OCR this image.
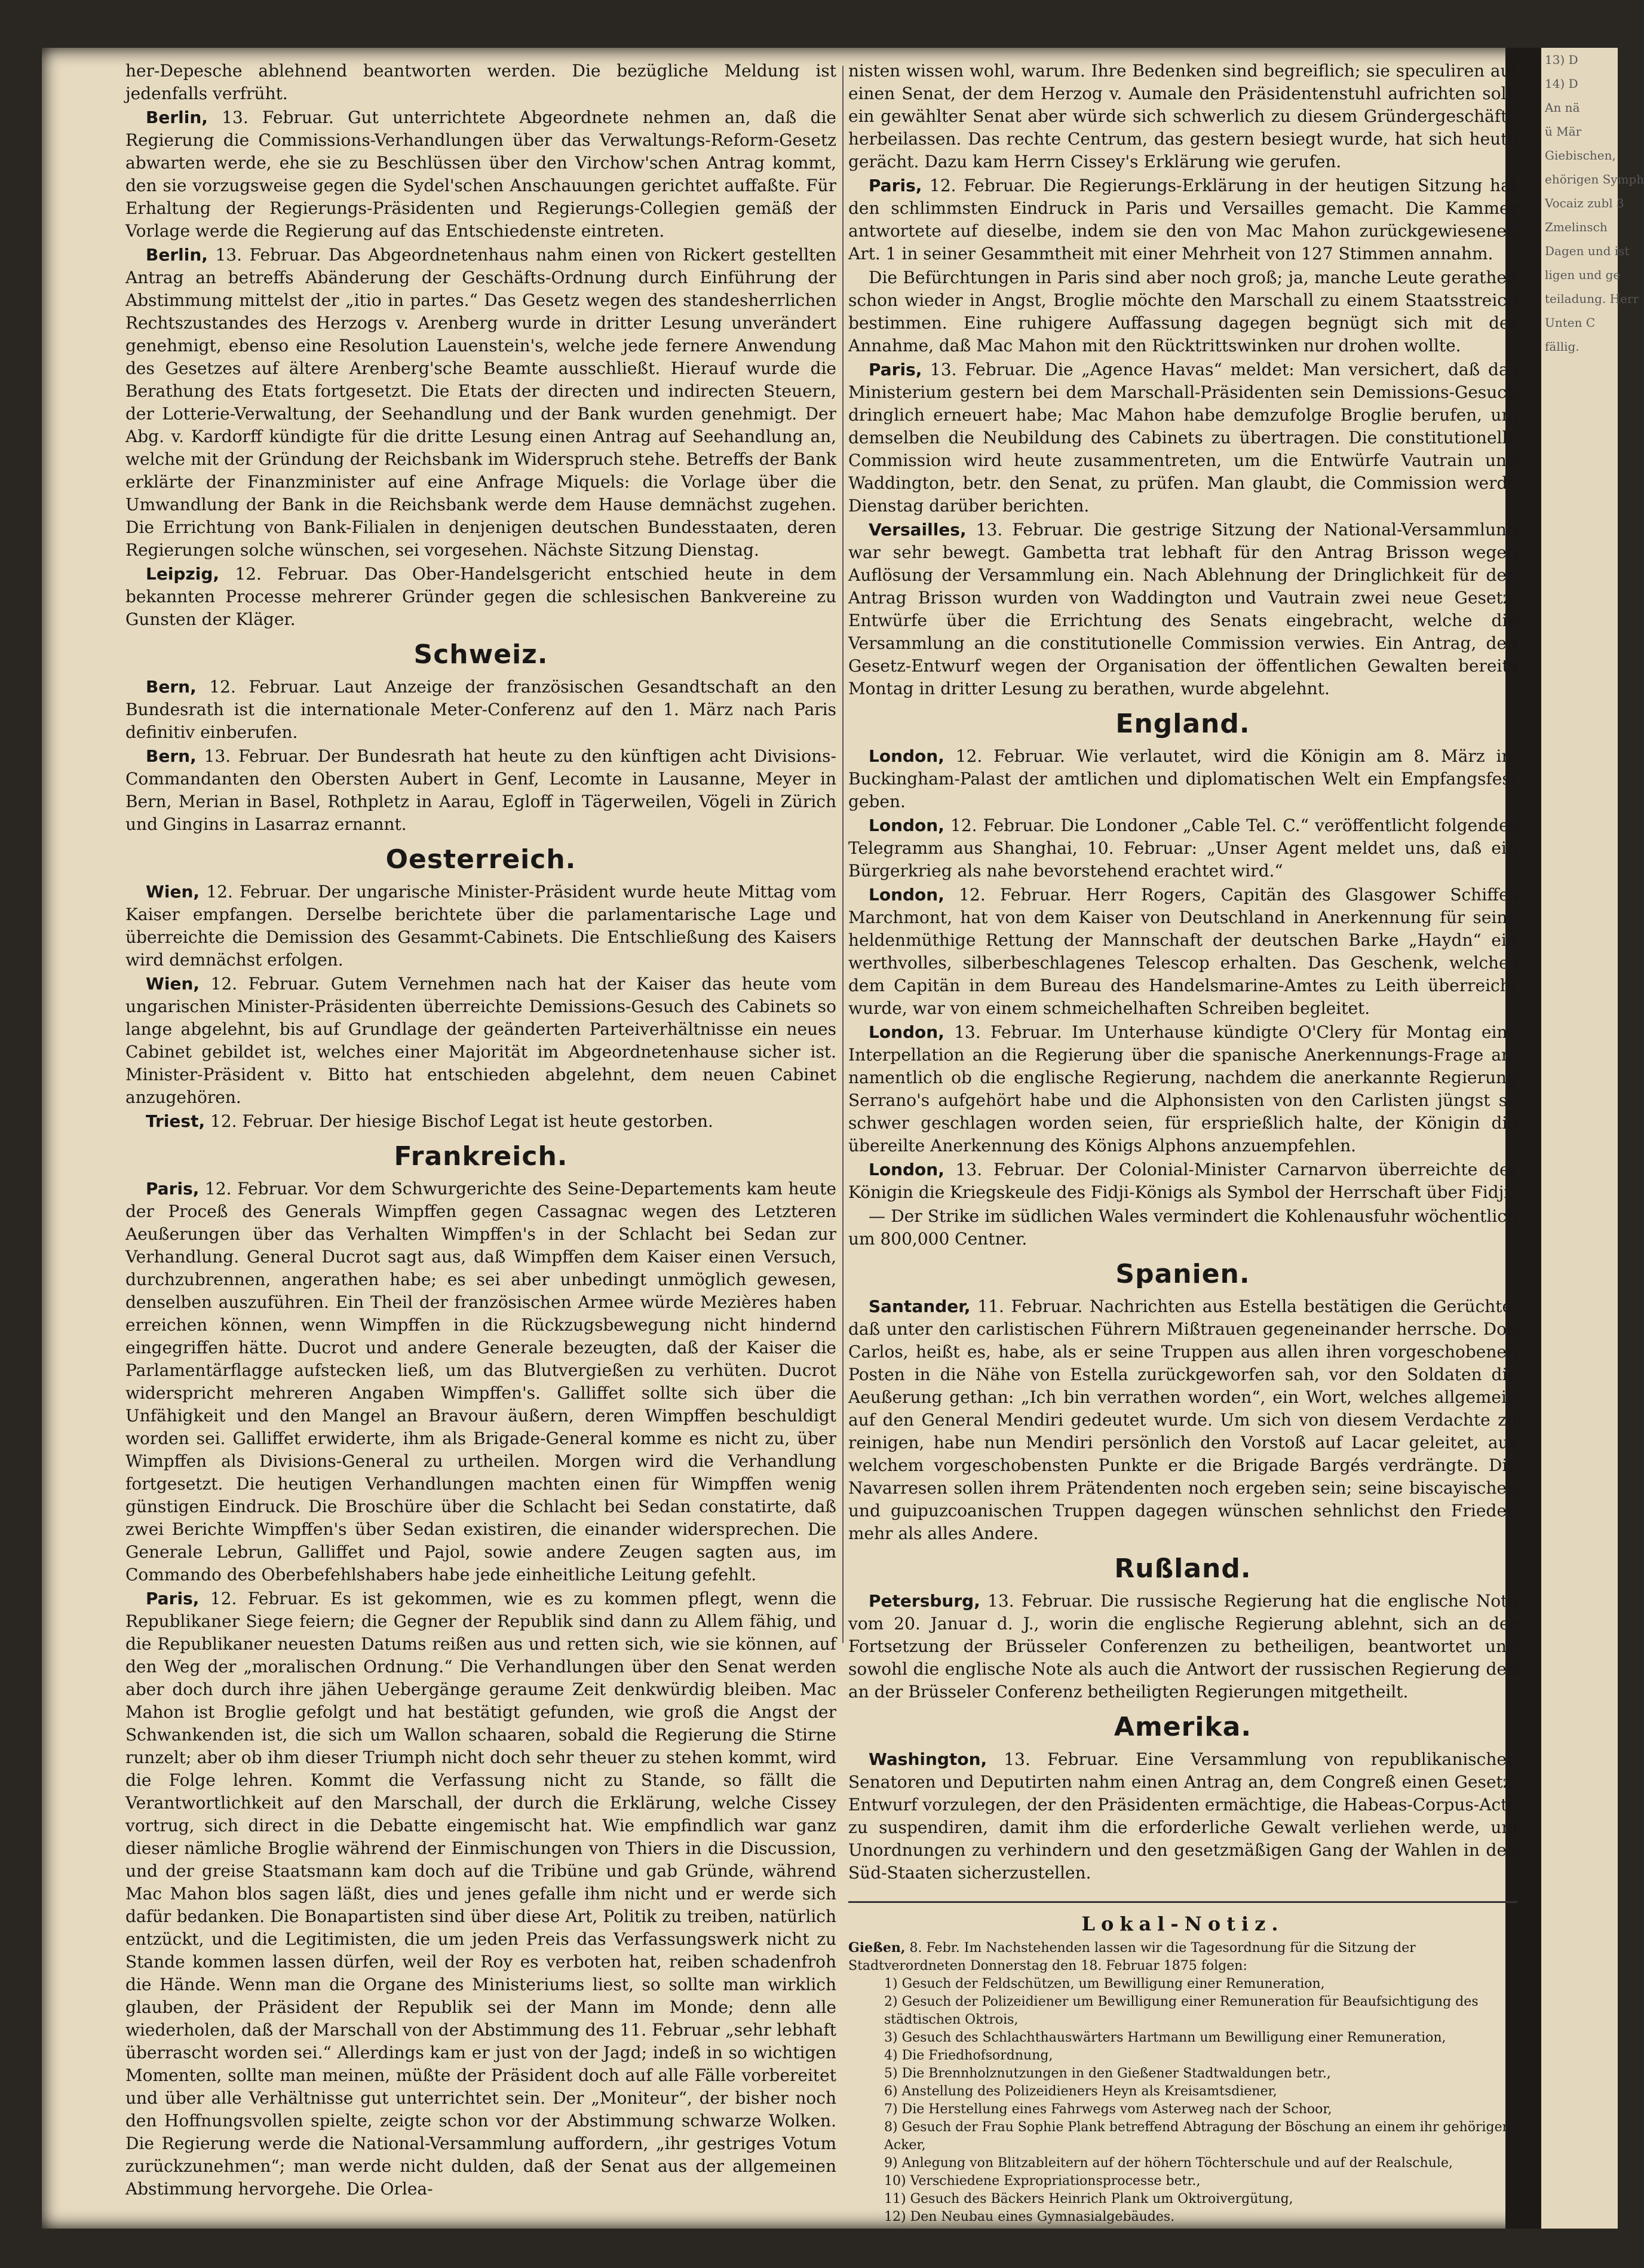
13) D
14) D
An nä
ü Mär
Giebischen,
ehörigen Symph
Vocaiz zubl 3
Zmelinsch
Dagen und ist
ligen und ge
teiladung. Herr
Unten C
fällig.

her-Depesche ablehnend beantworten werden. Die bezügliche Meldung ist jedenfalls verfrüht.

Berlin, 13. Februar. Gut unterrichtete Abgeordnete nehmen an, daß die Regierung die Commissions-Verhandlungen über das Verwaltungs-Reform-Gesetz abwarten werde, ehe sie zu Beschlüssen über den Virchow'schen Antrag kommt, den sie vorzugsweise gegen die Sydel'schen Anschauungen gerichtet auffaßte. Für Erhaltung der Regierungs-Präsidenten und Regierungs-Collegien gemäß der Vorlage werde die Regierung auf das Entschiedenste eintreten.

Berlin, 13. Februar. Das Abgeordnetenhaus nahm einen von Rickert gestellten Antrag an betreffs Abänderung der Geschäfts-Ordnung durch Einführung der Abstimmung mittelst der „itio in partes.“ Das Gesetz wegen des standesherrlichen Rechtszustandes des Herzogs v. Arenberg wurde in dritter Lesung unverändert genehmigt, ebenso eine Resolution Lauenstein's, welche jede fernere Anwendung des Gesetzes auf ältere Arenberg'sche Beamte ausschließt. Hierauf wurde die Berathung des Etats fortgesetzt. Die Etats der directen und indirecten Steuern, der Lotterie-Verwaltung, der Seehandlung und der Bank wurden genehmigt. Der Abg. v. Kardorff kündigte für die dritte Lesung einen Antrag auf Seehandlung an, welche mit der Gründung der Reichsbank im Widerspruch stehe. Betreffs der Bank erklärte der Finanzminister auf eine Anfrage Miquels: die Vorlage über die Umwandlung der Bank in die Reichsbank werde dem Hause demnächst zugehen. Die Errichtung von Bank-Filialen in denjenigen deutschen Bundesstaaten, deren Regierungen solche wünschen, sei vorgesehen. Nächste Sitzung Dienstag.

Leipzig, 12. Februar. Das Ober-Handelsgericht entschied heute in dem bekannten Processe mehrerer Gründer gegen die schlesischen Bankvereine zu Gunsten der Kläger.

Schweiz.

Bern, 12. Februar. Laut Anzeige der französischen Gesandtschaft an den Bundesrath ist die internationale Meter-Conferenz auf den 1. März nach Paris definitiv einberufen.

Bern, 13. Februar. Der Bundesrath hat heute zu den künftigen acht Divisions-Commandanten den Obersten Aubert in Genf, Lecomte in Lausanne, Meyer in Bern, Merian in Basel, Rothpletz in Aarau, Egloff in Tägerweilen, Vögeli in Zürich und Gingins in Lasarraz ernannt.

Oesterreich.

Wien, 12. Februar. Der ungarische Minister-Präsident wurde heute Mittag vom Kaiser empfangen. Derselbe berichtete über die parlamentarische Lage und überreichte die Demission des Gesammt-Cabinets. Die Entschließung des Kaisers wird demnächst erfolgen.

Wien, 12. Februar. Gutem Vernehmen nach hat der Kaiser das heute vom ungarischen Minister-Präsidenten überreichte Demissions-Gesuch des Cabinets so lange abgelehnt, bis auf Grundlage der geänderten Parteiverhältnisse ein neues Cabinet gebildet ist, welches einer Majorität im Abgeordnetenhause sicher ist. Minister-Präsident v. Bitto hat entschieden abgelehnt, dem neuen Cabinet anzugehören.

Triest, 12. Februar. Der hiesige Bischof Legat ist heute gestorben.

Frankreich.

Paris, 12. Februar. Vor dem Schwurgerichte des Seine-Departements kam heute der Proceß des Generals Wimpffen gegen Cassagnac wegen des Letzteren Aeußerungen über das Verhalten Wimpffen's in der Schlacht bei Sedan zur Verhandlung. General Ducrot sagt aus, daß Wimpffen dem Kaiser einen Versuch, durchzubrennen, angerathen habe; es sei aber unbedingt unmöglich gewesen, denselben auszuführen. Ein Theil der französischen Armee würde Mezières haben erreichen können, wenn Wimpffen in die Rückzugsbewegung nicht hindernd eingegriffen hätte. Ducrot und andere Generale bezeugten, daß der Kaiser die Parlamentärflagge aufstecken ließ, um das Blutvergießen zu verhüten. Ducrot widerspricht mehreren Angaben Wimpffen's. Galliffet sollte sich über die Unfähigkeit und den Mangel an Bravour äußern, deren Wimpffen beschuldigt worden sei. Galliffet erwiderte, ihm als Brigade-General komme es nicht zu, über Wimpffen als Divisions-General zu urtheilen. Morgen wird die Verhandlung fortgesetzt. Die heutigen Verhandlungen machten einen für Wimpffen wenig günstigen Eindruck. Die Broschüre über die Schlacht bei Sedan constatirte, daß zwei Berichte Wimpffen's über Sedan existiren, die einander widersprechen. Die Generale Lebrun, Galliffet und Pajol, sowie andere Zeugen sagten aus, im Commando des Oberbefehlshabers habe jede einheitliche Leitung gefehlt.

Paris, 12. Februar. Es ist gekommen, wie es zu kommen pflegt, wenn die Republikaner Siege feiern; die Gegner der Republik sind dann zu Allem fähig, und die Republikaner neuesten Datums reißen aus und retten sich, wie sie können, auf den Weg der „moralischen Ordnung.“ Die Verhandlungen über den Senat werden aber doch durch ihre jähen Uebergänge geraume Zeit denkwürdig bleiben. Mac Mahon ist Broglie gefolgt und hat bestätigt gefunden, wie groß die Angst der Schwankenden ist, die sich um Wallon schaaren, sobald die Regierung die Stirne runzelt; aber ob ihm dieser Triumph nicht doch sehr theuer zu stehen kommt, wird die Folge lehren. Kommt die Verfassung nicht zu Stande, so fällt die Verantwortlichkeit auf den Marschall, der durch die Erklärung, welche Cissey vortrug, sich direct in die Debatte eingemischt hat. Wie empfindlich war ganz dieser nämliche Broglie während der Einmischungen von Thiers in die Discussion, und der greise Staatsmann kam doch auf die Tribüne und gab Gründe, während Mac Mahon blos sagen läßt, dies und jenes gefalle ihm nicht und er werde sich dafür bedanken. Die Bonapartisten sind über diese Art, Politik zu treiben, natürlich entzückt, und die Legitimisten, die um jeden Preis das Verfassungswerk nicht zu Stande kommen lassen dürfen, weil der Roy es verboten hat, reiben schadenfroh die Hände. Wenn man die Organe des Ministeriums liest, so sollte man wirklich glauben, der Präsident der Republik sei der Mann im Monde; denn alle wiederholen, daß der Marschall von der Abstimmung des 11. Februar „sehr lebhaft überrascht worden sei.“ Allerdings kam er just von der Jagd; indeß in so wichtigen Momenten, sollte man meinen, müßte der Präsident doch auf alle Fälle vorbereitet und über alle Verhältnisse gut unterrichtet sein. Der „Moniteur“, der bisher noch den Hoffnungsvollen spielte, zeigte schon vor der Abstimmung schwarze Wolken. Die Regierung werde die National-Versammlung auffordern, „ihr gestriges Votum zurückzunehmen“; man werde nicht dulden, daß der Senat aus der allgemeinen Abstimmung hervorgehe. Die Orlea-

nisten wissen wohl, warum. Ihre Bedenken sind begreiflich; sie speculiren auf einen Senat, der dem Herzog v. Aumale den Präsidentenstuhl aufrichten soll; ein gewählter Senat aber würde sich schwerlich zu diesem Gründergeschäfte herbeilassen. Das rechte Centrum, das gestern besiegt wurde, hat sich heute gerächt. Dazu kam Herrn Cissey's Erklärung wie gerufen.

Paris, 12. Februar. Die Regierungs-Erklärung in der heutigen Sitzung hat den schlimmsten Eindruck in Paris und Versailles gemacht. Die Kammer antwortete auf dieselbe, indem sie den von Mac Mahon zurückgewiesenen Art. 1 in seiner Gesammtheit mit einer Mehrheit von 127 Stimmen annahm.

Die Befürchtungen in Paris sind aber noch groß; ja, manche Leute gerathen schon wieder in Angst, Broglie möchte den Marschall zu einem Staatsstreich bestimmen. Eine ruhigere Auffassung dagegen begnügt sich mit der Annahme, daß Mac Mahon mit den Rücktrittswinken nur drohen wollte.

Paris, 13. Februar. Die „Agence Havas“ meldet: Man versichert, daß das Ministerium gestern bei dem Marschall-Präsidenten sein Demissions-Gesuch dringlich erneuert habe; Mac Mahon habe demzufolge Broglie berufen, um demselben die Neubildung des Cabinets zu übertragen. Die constitutionelle Commission wird heute zusammentreten, um die Entwürfe Vautrain und Waddington, betr. den Senat, zu prüfen. Man glaubt, die Commission werde Dienstag darüber berichten.

Versailles, 13. Februar. Die gestrige Sitzung der National-Versammlung war sehr bewegt. Gambetta trat lebhaft für den Antrag Brisson wegen Auflösung der Versammlung ein. Nach Ablehnung der Dringlichkeit für den Antrag Brisson wurden von Waddington und Vautrain zwei neue Gesetz-Entwürfe über die Errichtung des Senats eingebracht, welche die Versammlung an die constitutionelle Commission verwies. Ein Antrag, den Gesetz-Entwurf wegen der Organisation der öffentlichen Gewalten bereits Montag in dritter Lesung zu berathen, wurde abgelehnt.

England.

London, 12. Februar. Wie verlautet, wird die Königin am 8. März im Buckingham-Palast der amtlichen und diplomatischen Welt ein Empfangsfest geben.

London, 12. Februar. Die Londoner „Cable Tel. C.“ veröffentlicht folgendes Telegramm aus Shanghai, 10. Februar: „Unser Agent meldet uns, daß ein Bürgerkrieg als nahe bevorstehend erachtet wird.“

London, 12. Februar. Herr Rogers, Capitän des Glasgower Schiffes Marchmont, hat von dem Kaiser von Deutschland in Anerkennung für seine heldenmüthige Rettung der Mannschaft der deutschen Barke „Haydn“ ein werthvolles, silberbeschlagenes Telescop erhalten. Das Geschenk, welches dem Capitän in dem Bureau des Handelsmarine-Amtes zu Leith überreicht wurde, war von einem schmeichelhaften Schreiben begleitet.

London, 13. Februar. Im Unterhause kündigte O'Clery für Montag eine Interpellation an die Regierung über die spanische Anerkennungs-Frage an, namentlich ob die englische Regierung, nachdem die anerkannte Regierung Serrano's aufgehört habe und die Alphonsisten von den Carlisten jüngst so schwer geschlagen worden seien, für ersprießlich halte, der Königin die übereilte Anerkennung des Königs Alphons anzuempfehlen.

London, 13. Februar. Der Colonial-Minister Carnarvon überreichte der Königin die Kriegskeule des Fidji-Königs als Symbol der Herrschaft über Fidji.

— Der Strike im südlichen Wales vermindert die Kohlenausfuhr wöchentlich um 800,000 Centner.

Spanien.

Santander, 11. Februar. Nachrichten aus Estella bestätigen die Gerüchte, daß unter den carlistischen Führern Mißtrauen gegeneinander herrsche. Don Carlos, heißt es, habe, als er seine Truppen aus allen ihren vorgeschobenen Posten in die Nähe von Estella zurückgeworfen sah, vor den Soldaten die Aeußerung gethan: „Ich bin verrathen worden“, ein Wort, welches allgemein auf den General Mendiri gedeutet wurde. Um sich von diesem Verdachte zu reinigen, habe nun Mendiri persönlich den Vorstoß auf Lacar geleitet, aus welchem vorgeschobensten Punkte er die Brigade Bargés verdrängte. Die Navarresen sollen ihrem Prätendenten noch ergeben sein; seine biscayischen und guipuzcoanischen Truppen dagegen wünschen sehnlichst den Frieden mehr als alles Andere.

Rußland.

Petersburg, 13. Februar. Die russische Regierung hat die englische Note vom 20. Januar d. J., worin die englische Regierung ablehnt, sich an der Fortsetzung der Brüsseler Conferenzen zu betheiligen, beantwortet und sowohl die englische Note als auch die Antwort der russischen Regierung den an der Brüsseler Conferenz betheiligten Regierungen mitgetheilt.

Amerika.

Washington, 13. Februar. Eine Versammlung von republikanischen Senatoren und Deputirten nahm einen Antrag an, dem Congreß einen Gesetz-Entwurf vorzulegen, der den Präsidenten ermächtige, die Habeas-Corpus-Acte zu suspendiren, damit ihm die erforderliche Gewalt verliehen werde, um Unordnungen zu verhindern und den gesetzmäßigen Gang der Wahlen in den Süd-Staaten sicherzustellen.

Lokal-Notiz.
Gießen, 8. Febr. Im Nachstehenden lassen wir die Tagesordnung für die Sitzung der Stadtverordneten Donnerstag den 18. Februar 1875 folgen:
1) Gesuch der Feldschützen, um Bewilligung einer Remuneration,
2) Gesuch der Polizeidiener um Bewilligung einer Remuneration für Beaufsichtigung des städtischen Oktrois,
3) Gesuch des Schlachthauswärters Hartmann um Bewilligung einer Remuneration,
4) Die Friedhofsordnung,
5) Die Brennholznutzungen in den Gießener Stadtwaldungen betr.,
6) Anstellung des Polizeidieners Heyn als Kreisamtsdiener,
7) Die Herstellung eines Fahrwegs vom Asterweg nach der Schoor,
8) Gesuch der Frau Sophie Plank betreffend Abtragung der Böschung an einem ihr gehörigen Acker,
9) Anlegung von Blitzableitern auf der höhern Töchterschule und auf der Realschule,
10) Verschiedene Expropriationsprocesse betr.,
11) Gesuch des Bäckers Heinrich Plank um Oktroivergütung,
12) Den Neubau eines Gymnasialgebäudes.
